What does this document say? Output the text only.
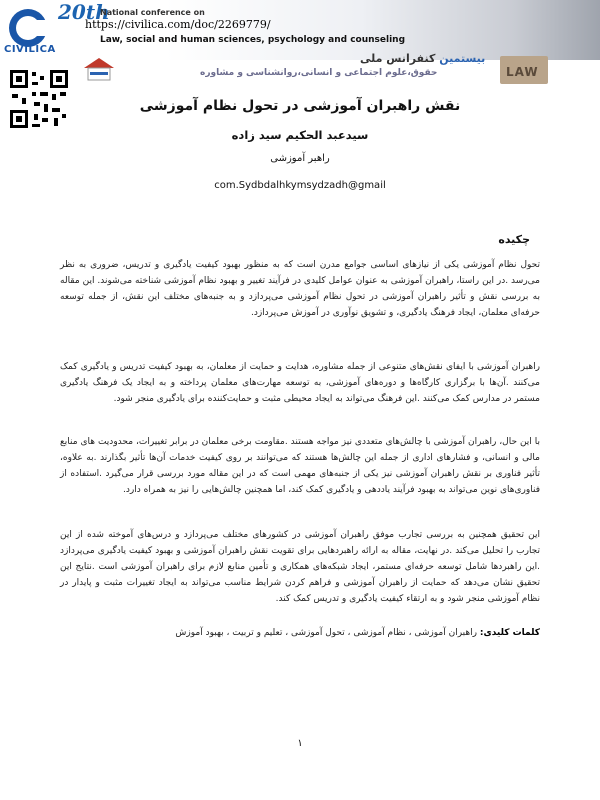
CIVILICA
20th
National conference on
https://civilica.com/doc/2269779/
Law, social and human sciences, psychology and counseling
بیستمین کنفرانس ملی
حقوق،علوم اجتماعی و انسانی،روانشناسی و مشاوره	LAW
نقش راهبران آموزشی در تحول نظام آموزشی
سیدعبد الحکیم سید زاده
راهبر آموزشی
com.Sydbdalhkymsydzadh@gmail
چکیده

تحول نظام آموزشی یکی از نیازهای اساسی جوامع مدرن است که به منظور بهبود کیفیت یادگیری و تدریس، ضروری به نظر می‌رسد .در این راستا، راهبران آموزشی به عنوان عوامل کلیدی در فرآیند تغییر و بهبود نظام آموزشی شناخته می‌شوند. این مقاله به بررسی نقش و تأثیر راهبران آموزشی در تحول نظام آموزشی می‌پردازد و به جنبه‌های مختلف این نقش، از جمله توسعه حرفه‌ای معلمان، ایجاد فرهنگ یادگیری، و تشویق نوآوری در آموزش می‌پردازد.

راهبران آموزشی با ایفای نقش‌های متنوعی از جمله مشاوره، هدایت و حمایت از معلمان، به بهبود کیفیت تدریس و یادگیری کمک می‌کنند .آن‌ها با برگزاری کارگاه‌ها و دوره‌های آموزشی، به توسعه مهارت‌های معلمان پرداخته و به ایجاد یک فرهنگ یادگیری مستمر در مدارس کمک می‌کنند .این فرهنگ می‌تواند به ایجاد محیطی مثبت و حمایت‌کننده برای یادگیری منجر شود.

با این حال، راهبران آموزشی با چالش‌های متعددی نیز مواجه هستند .مقاومت برخی معلمان در برابر تغییرات، محدودیت های منابع مالی و انسانی، و فشارهای اداری از جمله این چالش‌ها هستند که می‌توانند بر روی کیفیت خدمات آن‌ها تأثیر بگذارند .به علاوه، تأثیر فناوری بر نقش راهبران آموزشی نیز یکی از جنبه‌های مهمی است که در این مقاله مورد بررسی قرار می‌گیرد .استفاده از فناوری‌های نوین می‌تواند به بهبود فرآیند یاددهی و یادگیری کمک کند، اما همچنین چالش‌هایی را نیز به همراه دارد.

این تحقیق همچنین به بررسی تجارب موفق راهبران آموزشی در کشورهای مختلف می‌پردازد و درس‌های آموخته شده از این تجارب را تحلیل می‌کند .در نهایت، مقاله به ارائه راهبردهایی برای تقویت نقش راهبران آموزشی و بهبود کیفیت یادگیری می‌پردازد .این راهبردها شامل توسعه حرفه‌ای مستمر، ایجاد شبکه‌های همکاری و تأمین منابع لازم برای راهبران آموزشی است .نتایج این تحقیق نشان می‌دهد که حمایت از راهبران آموزشی و فراهم کردن شرایط مناسب می‌تواند به ایجاد تغییرات مثبت و پایدار در نظام آموزشی منجر شود و به ارتقاء کیفیت یادگیری و تدریس کمک کند.

کلمات کلیدی: راهبران آموزشی ، نظام آموزشی ، تحول آموزشی ، تعلیم و تربیت ، بهبود آموزش
۱
